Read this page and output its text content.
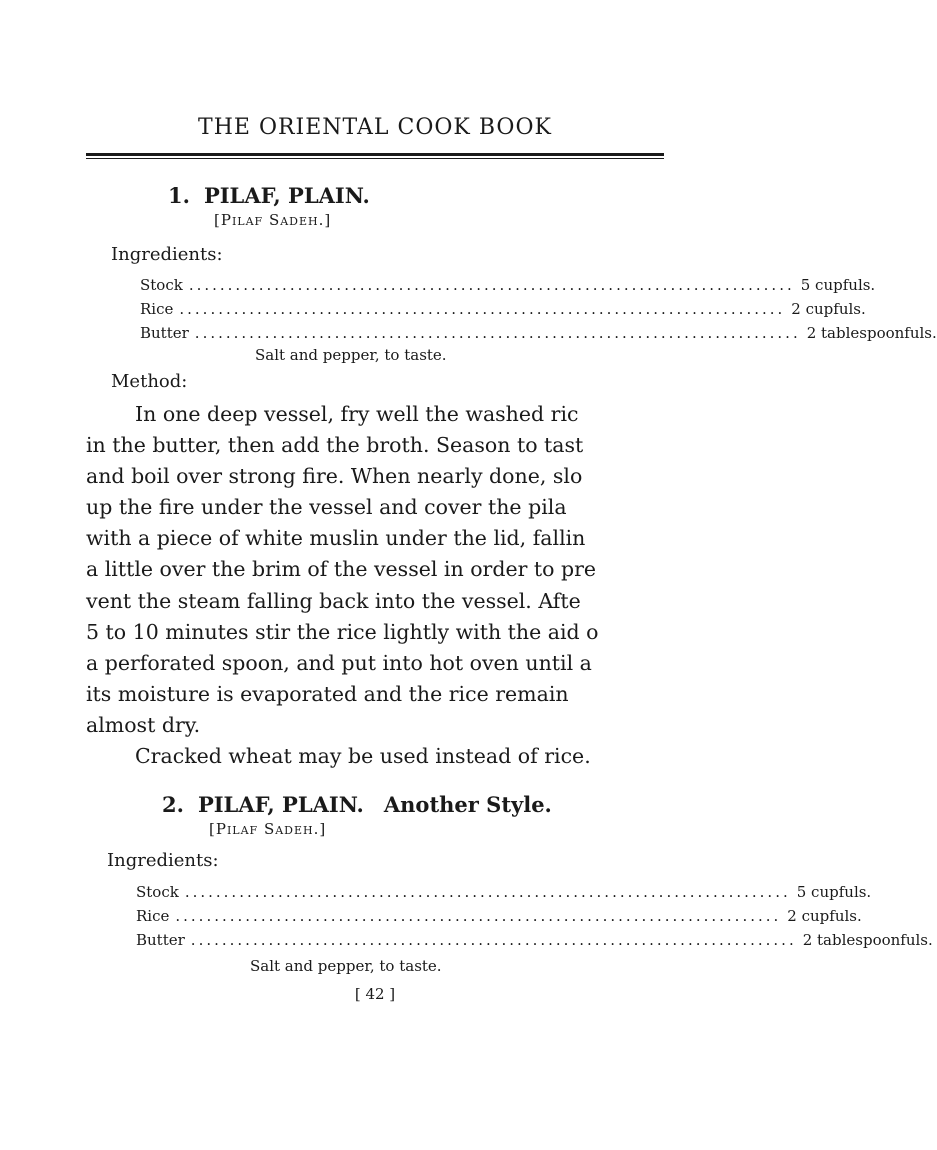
THE ORIENTAL COOK BOOK
1. PILAF, PLAIN.
[Pilaf Sadeh.]
Ingredients:
Stock .............................................................................. 5 cupfuls.
Rice .............................................................................. 2 cupfuls.
Butter .............................................................................. 2 tablespoonfuls.
Salt and pepper, to taste.
Method:
In one deep vessel, fry well the washed ric
in the butter, then add the broth. Season to tast
and boil over strong fire. When nearly done, slo
up the fire under the vessel and cover the pila
with a piece of white muslin under the lid, fallin
a little over the brim of the vessel in order to pre
vent the steam falling back into the vessel. Afte
5 to 10 minutes stir the rice lightly with the aid o
a perforated spoon, and put into hot oven until a
its moisture is evaporated and the rice remain
almost dry.
Cracked wheat may be used instead of rice.
2. PILAF, PLAIN. Another Style.
[Pilaf Sadeh.]
Ingredients:
Stock .............................................................................. 5 cupfuls.
Rice .............................................................................. 2 cupfuls.
Butter .............................................................................. 2 tablespoonfuls.
Salt and pepper, to taste.
[ 42 ]
